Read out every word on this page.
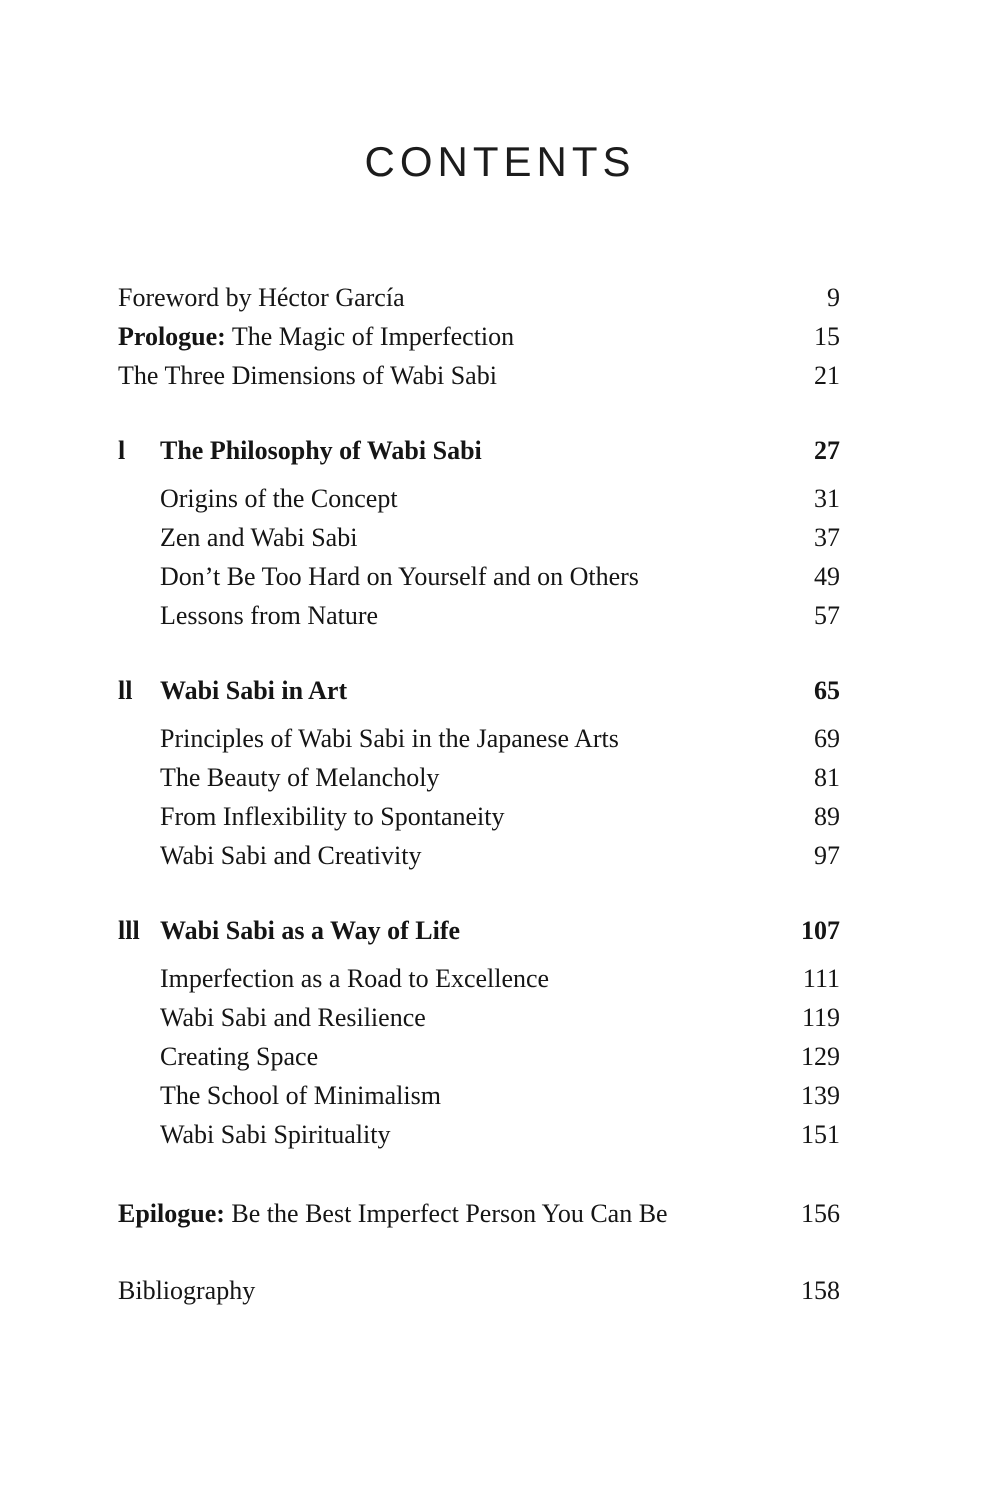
CONTENTS
Foreword by Héctor García	9
Prologue: The Magic of Imperfection	15
The Three Dimensions of Wabi Sabi	21
l	The Philosophy of Wabi Sabi	27
Origins of the Concept	31
Zen and Wabi Sabi	37
Don’t Be Too Hard on Yourself and on Others	49
Lessons from Nature	57
ll	Wabi Sabi in Art	65
Principles of Wabi Sabi in the Japanese Arts	69
The Beauty of Melancholy	81
From Inflexibility to Spontaneity	89
Wabi Sabi and Creativity	97
lll Wabi Sabi as a Way of Life	107
Imperfection as a Road to Excellence	111
Wabi Sabi and Resilience	119
Creating Space	129
The School of Minimalism	139
Wabi Sabi Spirituality	151
Epilogue: Be the Best Imperfect Person You Can Be	156
Bibliography	158
